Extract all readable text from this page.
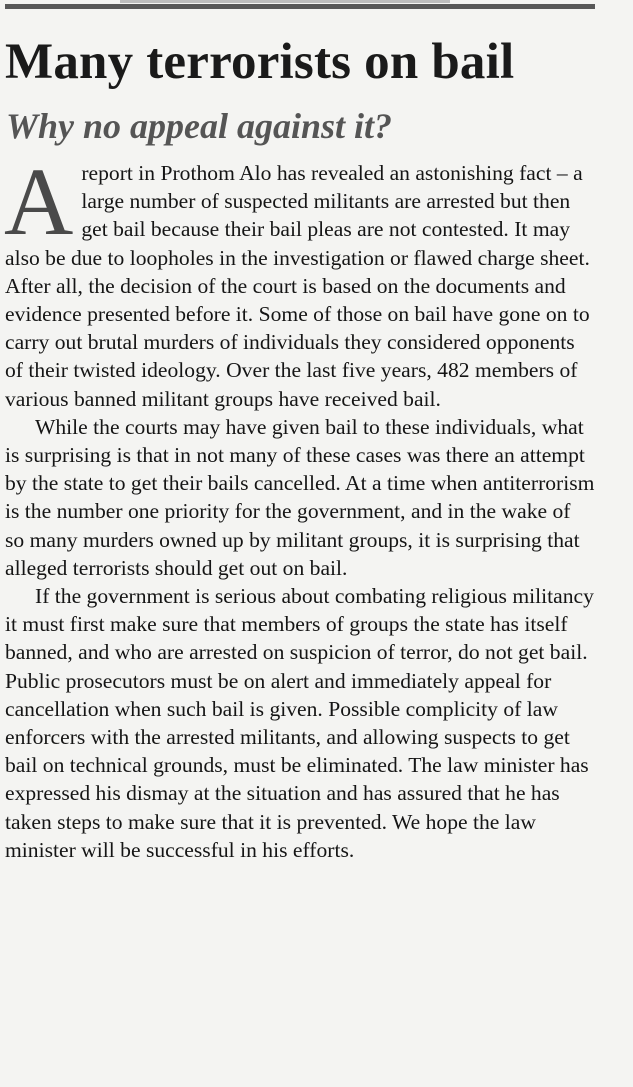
Many terrorists on bail
Why no appeal against it?

A report in Prothom Alo has revealed an astonishing fact – a large number of suspected militants are arrested but then get bail because their bail pleas are not contested. It may also be due to loopholes in the investigation or flawed charge sheet. After all, the decision of the court is based on the documents and evidence presented before it. Some of those on bail have gone on to carry out brutal murders of individuals they considered opponents of their twisted ideology. Over the last five years, 482 members of various banned militant groups have received bail.

While the courts may have given bail to these individuals, what is surprising is that in not many of these cases was there an attempt by the state to get their bails cancelled. At a time when antiterrorism is the number one priority for the government, and in the wake of so many murders owned up by militant groups, it is surprising that alleged terrorists should get out on bail.

If the government is serious about combating religious militancy it must first make sure that members of groups the state has itself banned, and who are arrested on suspicion of terror, do not get bail. Public prosecutors must be on alert and immediately appeal for cancellation when such bail is given. Possible complicity of law enforcers with the arrested militants, and allowing suspects to get bail on technical grounds, must be eliminated. The law minister has expressed his dismay at the situation and has assured that he has taken steps to make sure that it is prevented. We hope the law minister will be successful in his efforts.
